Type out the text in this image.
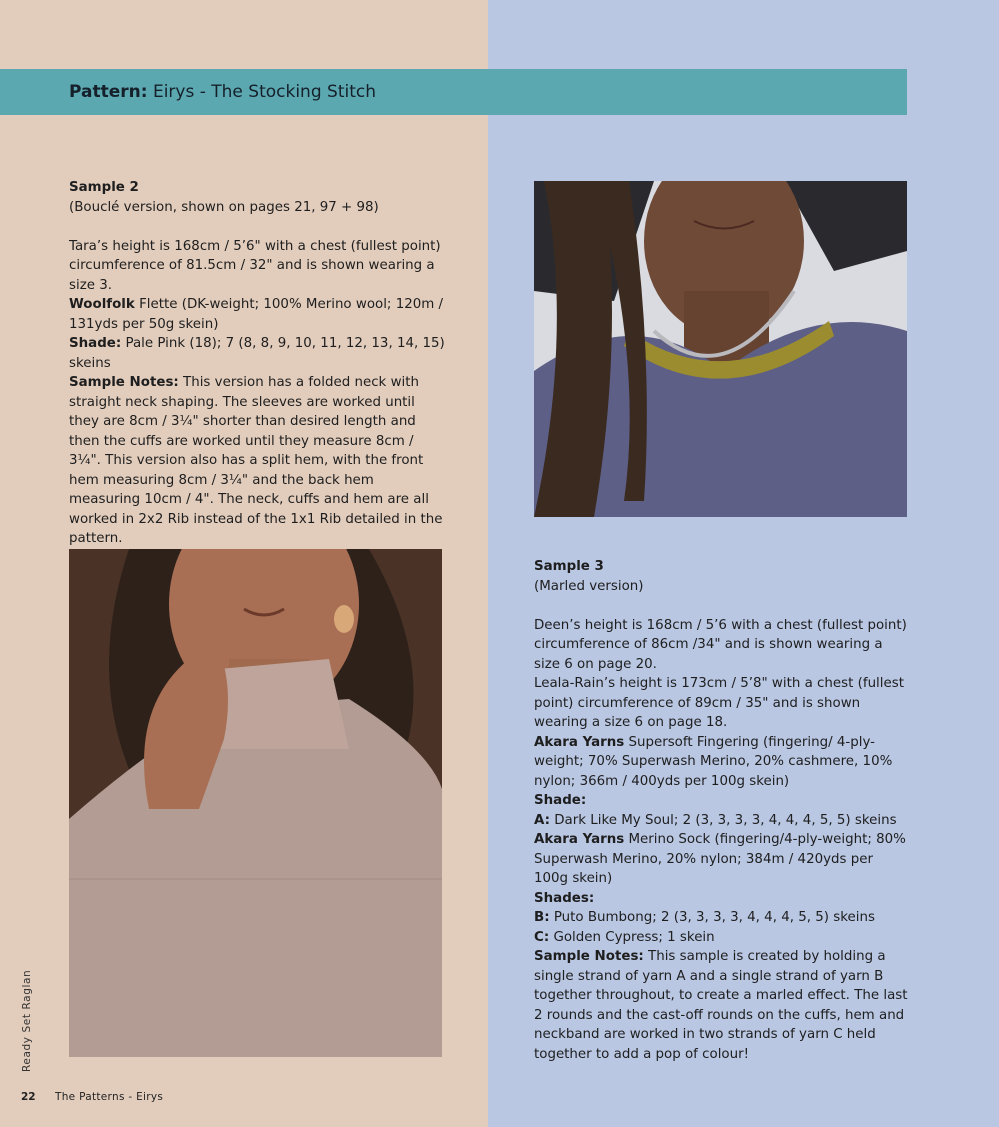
Pattern: Eirys - The Stocking Stitch

Sample 2

(Bouclé version, shown on pages 21, 97 + 98)

Tara’s height is 168cm / 5’6" with a chest (fullest point) circumference of 81.5cm / 32" and is shown wearing a size 3.

Woolfolk Flette (DK-weight; 100% Merino wool; 120m / 131yds per 50g skein)

Shade: Pale Pink (18); 7 (8, 8, 9, 10, 11, 12, 13, 14, 15) skeins

Sample Notes: This version has a folded neck with straight neck shaping. The sleeves are worked until they are 8cm / 3¼" shorter than desired length and then the cuffs are worked until they measure 8cm / 3¼". This version also has a split hem, with the front hem measuring 8cm / 3¼" and the back hem measuring 10cm / 4". The neck, cuffs and hem are all worked in 2x2 Rib instead of the 1x1 Rib detailed in the pattern.

Sample 3

(Marled version)

Deen’s height is 168cm / 5’6 with a chest (fullest point) circumference of 86cm /34" and is shown wearing a size 6 on page 20.

Leala-Rain’s height is 173cm / 5’8" with a chest (fullest point) circumference of 89cm / 35" and is shown wearing a size 6 on page 18.

Akara Yarns Supersoft Fingering (fingering/ 4-ply-weight; 70% Superwash Merino, 20% cashmere, 10% nylon; 366m / 400yds per 100g skein)

Shade:

A: Dark Like My Soul; 2 (3, 3, 3, 3, 4, 4, 4, 5, 5) skeins

Akara Yarns Merino Sock (fingering/4-ply-weight; 80% Superwash Merino, 20% nylon; 384m / 420yds per 100g skein)

Shades:

B: Puto Bumbong; 2 (3, 3, 3, 3, 4, 4, 4, 5, 5) skeins

C: Golden Cypress; 1 skein

Sample Notes: This sample is created by holding a single strand of yarn A and a single strand of yarn B together throughout, to create a marled effect. The last 2 rounds and the cast-off rounds on the cuffs, hem and neckband are worked in two strands of yarn C held together to add a pop of colour!

Ready Set Raglan
22 The Patterns - Eirys
